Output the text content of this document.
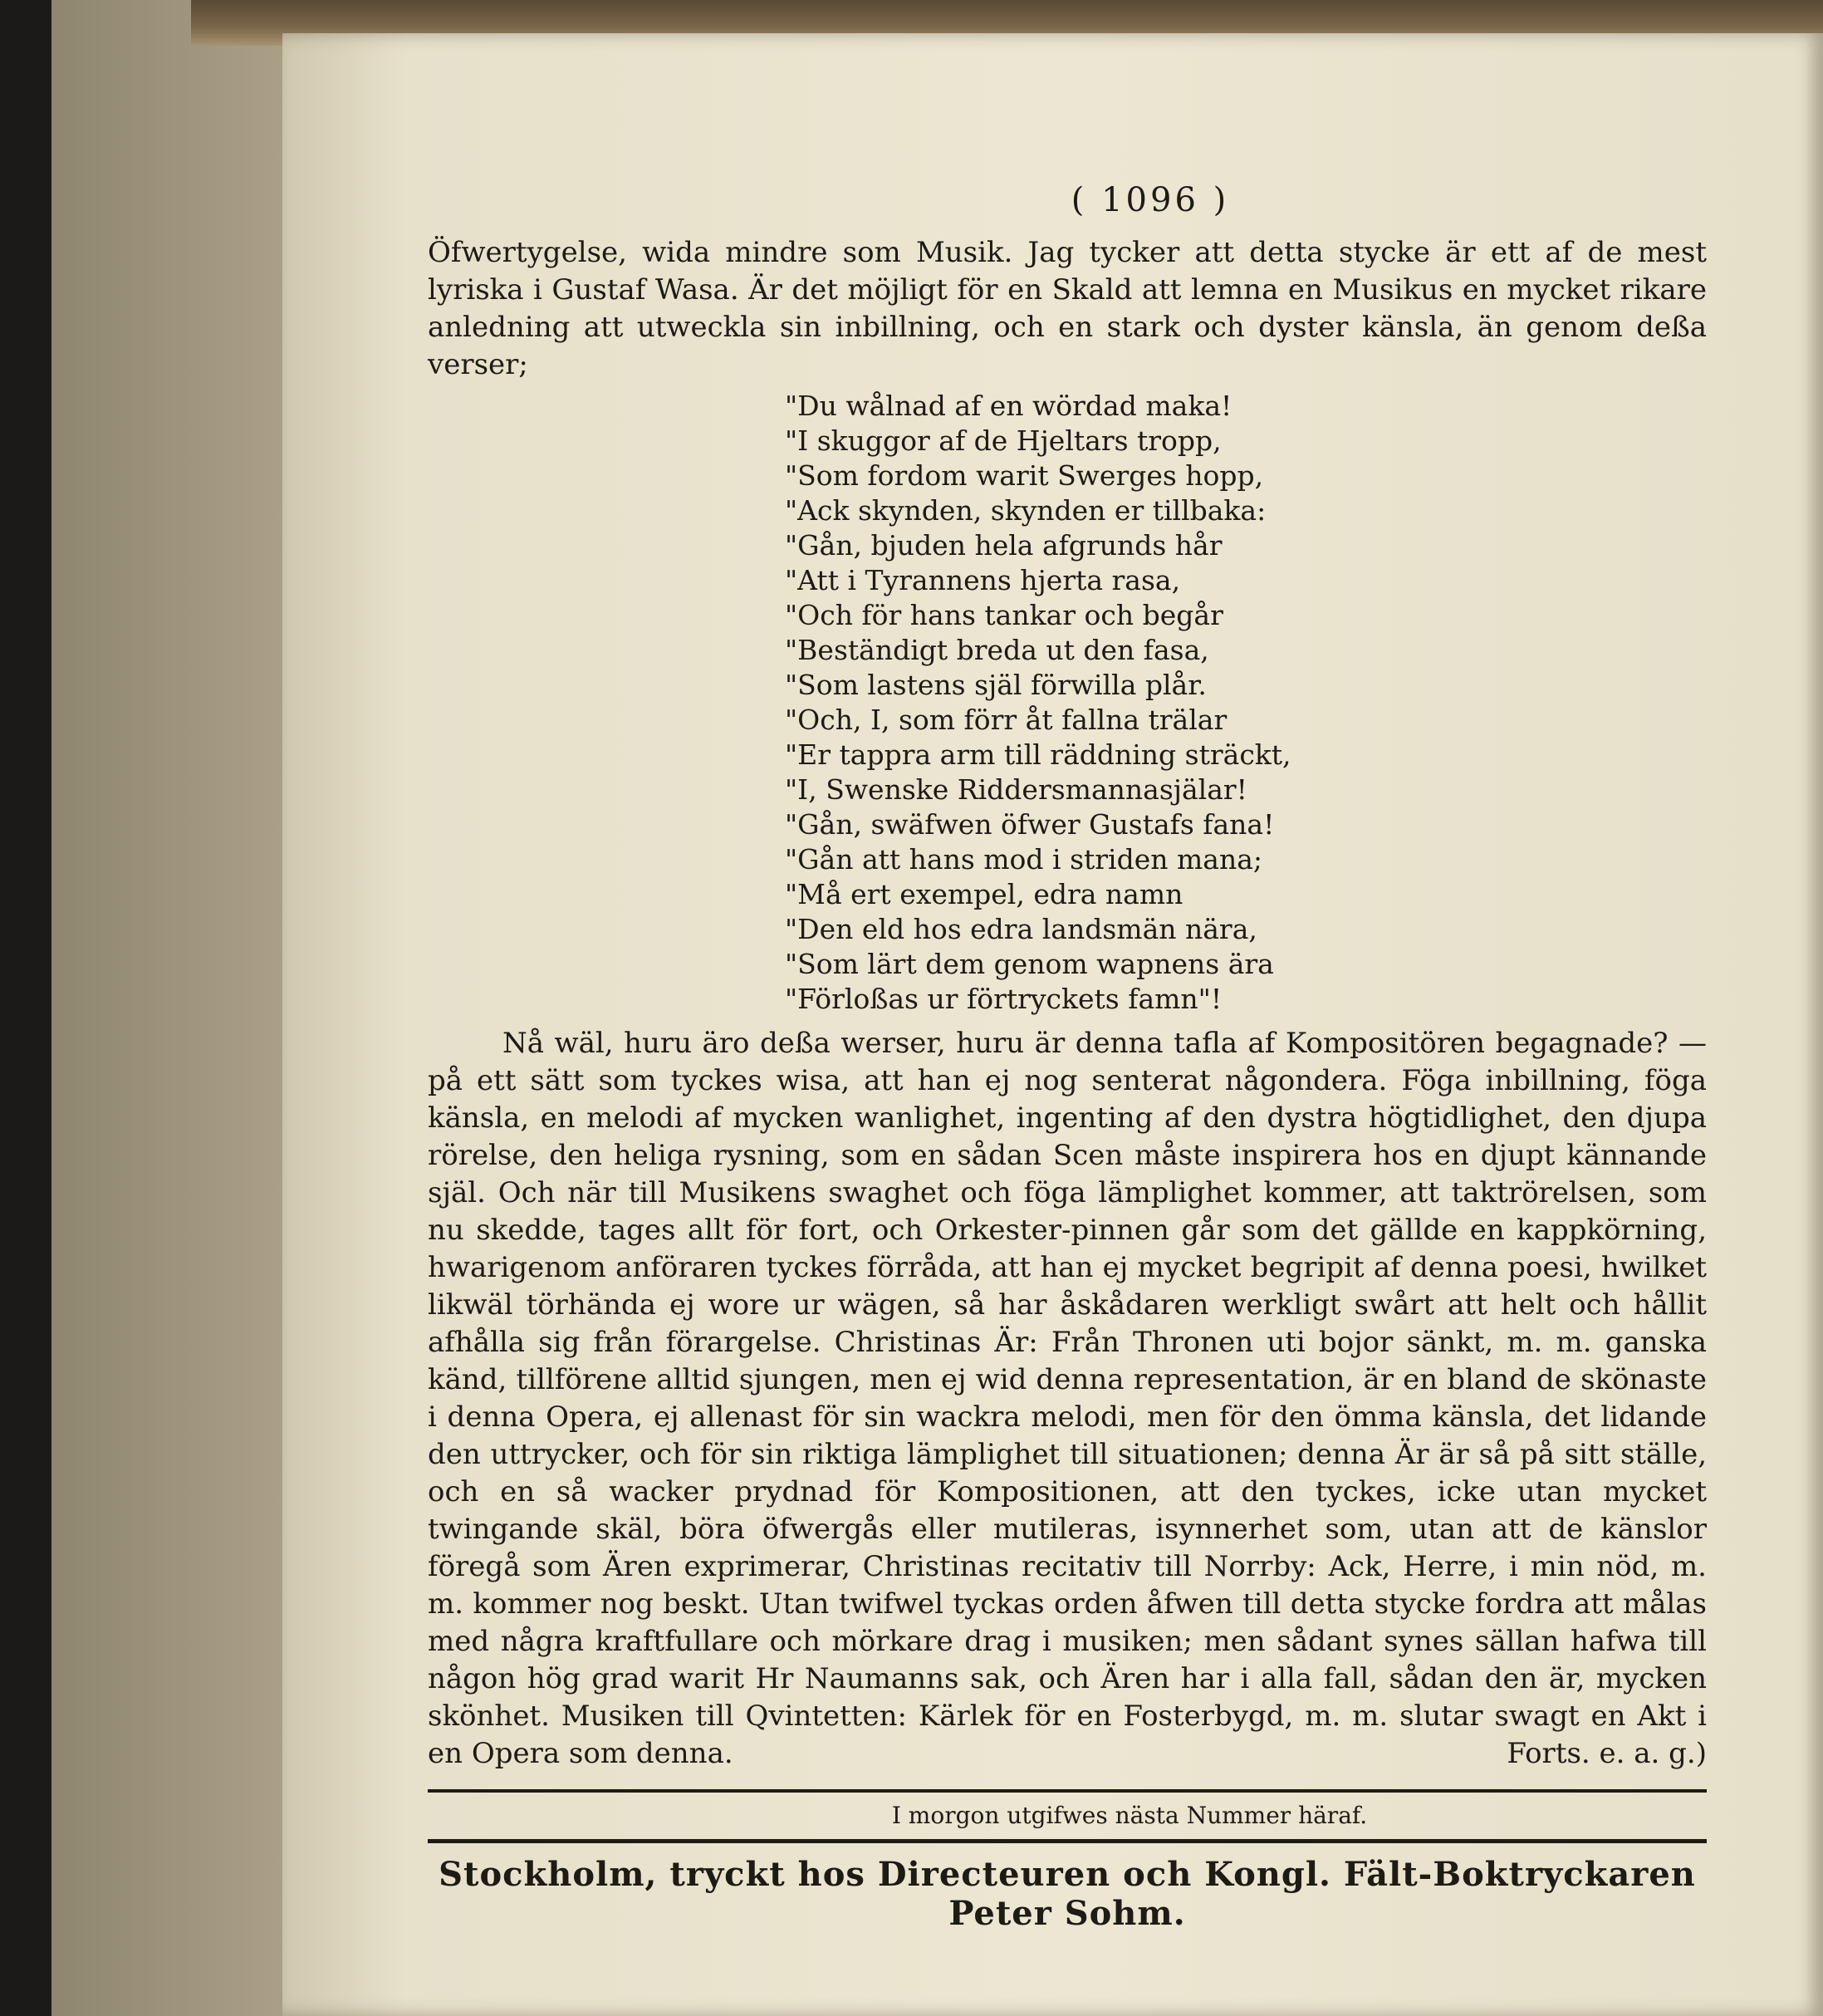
( 1096 )

Öfwertygelse, wida mindre som Musik. Jag tycker att detta stycke är ett af de mest lyriska i Gustaf Wasa. Är det möjligt för en Skald att lemna en Musikus en mycket rikare anledning att utweckla sin inbillning, och en stark och dyster känsla, än genom deßa verser;

"Du wålnad af en wördad maka!
"I skuggor af de Hjeltars tropp,
"Som fordom warit Swerges hopp,
"Ack skynden, skynden er tillbaka:
"Gån, bjuden hela afgrunds hår
"Att i Tyrannens hjerta rasa,
"Och för hans tankar och begår
"Beständigt breda ut den fasa,
"Som lastens själ förwilla plår.
"Och, I, som förr åt fallna trälar
"Er tappra arm till räddning sträckt,
"I, Swenske Riddersmannasjälar!
"Gån, swäfwen öfwer Gustafs fana!
"Gån att hans mod i striden mana;
"Må ert exempel, edra namn
"Den eld hos edra landsmän nära,
"Som lärt dem genom wapnens ära
"Förloßas ur förtryckets famn"!

Nå wäl, huru äro deßa werser, huru är denna tafla af Kompositören begagnade? — på ett sätt som tyckes wisa, att han ej nog senterat någondera. Föga inbillning, föga känsla, en melodi af mycken wanlighet, ingenting af den dystra högtidlighet, den djupa rörelse, den heliga rysning, som en sådan Scen måste inspirera hos en djupt kännande själ. Och när till Musikens swaghet och föga lämplighet kommer, att taktrörelsen, som nu skedde, tages allt för fort, och Orkester-pinnen går som det gällde en kappkörning, hwarigenom anföraren tyckes förråda, att han ej mycket begripit af denna poesi, hwilket likwäl törhända ej wore ur wägen, så har åskådaren werkligt swårt att helt och hållit afhålla sig från förargelse. Christinas Är: Från Thronen uti bojor sänkt, m. m. ganska känd, tillförene alltid sjungen, men ej wid denna representation, är en bland de skönaste i denna Opera, ej allenast för sin wackra melodi, men för den ömma känsla, det lidande den uttrycker, och för sin riktiga lämplighet till situationen; denna Är är så på sitt ställe, och en så wacker prydnad för Kompositionen, att den tyckes, icke utan mycket twingande skäl, böra öfwergås eller mutileras, isynnerhet som, utan att de känslor föregå som Ären exprimerar, Christinas recitativ till Norrby: Ack, Herre, i min nöd, m. m. kommer nog beskt. Utan twifwel tyckas orden åfwen till detta stycke fordra att målas med några kraftfullare och mörkare drag i musiken; men sådant synes sällan hafwa till någon hög grad warit Hr Naumanns sak, och Ären har i alla fall, sådan den är, mycken skönhet. Musiken till Qvintetten: Kärlek för en Fosterbygd, m. m. slutar swagt en Akt i en Opera som denna.	Forts. e. a. g.)

I morgon utgifwes nästa Nummer häraf.
Stockholm, tryckt hos Directeuren och Kongl. Fält-Boktryckaren Peter Sohm.
